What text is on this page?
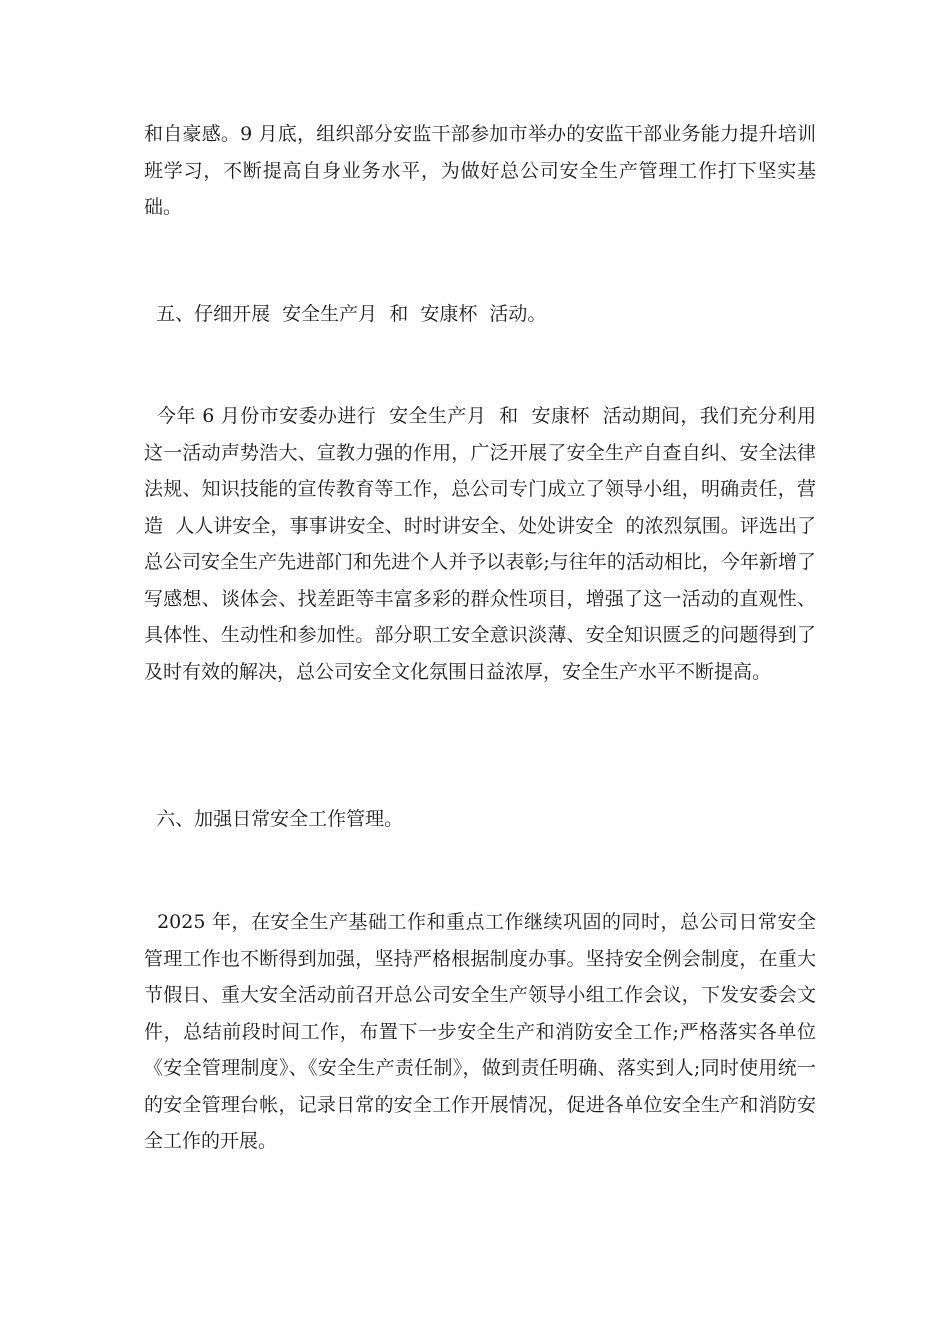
和自豪感。9 月底，组织部分安监干部参加市举办的安监干部业务能力提升培训班学习，不断提高自身业务水平，为做好总公司安全生产管理工作打下坚实基础。

五、仔细开展  安全生产月  和  安康杯  活动。

今年 6 月份市安委办进行  安全生产月  和  安康杯  活动期间，我们充分利用这一活动声势浩大、宣教力强的作用，广泛开展了安全生产自查自纠、安全法律法规、知识技能的宣传教育等工作，总公司专门成立了领导小组，明确责任，营造  人人讲安全，事事讲安全、时时讲安全、处处讲安全  的浓烈氛围。评选出了总公司安全生产先进部门和先进个人并予以表彰;与往年的活动相比，今年新增了写感想、谈体会、找差距等丰富多彩的群众性项目，增强了这一活动的直观性、具体性、生动性和参加性。部分职工安全意识淡薄、安全知识匮乏的问题得到了及时有效的解决，总公司安全文化氛围日益浓厚，安全生产水平不断提高。

六、加强日常安全工作管理。

2025 年，在安全生产基础工作和重点工作继续巩固的同时，总公司日常安全管理工作也不断得到加强，坚持严格根据制度办事。坚持安全例会制度，在重大节假日、重大安全活动前召开总公司安全生产领导小组工作会议，下发安委会文件，总结前段时间工作，布置下一步安全生产和消防安全工作;严格落实各单位《安全管理制度》、《安全生产责任制》，做到责任明确、落实到人;同时使用统一的安全管理台帐，记录日常的安全工作开展情况，促进各单位安全生产和消防安全工作的开展。
